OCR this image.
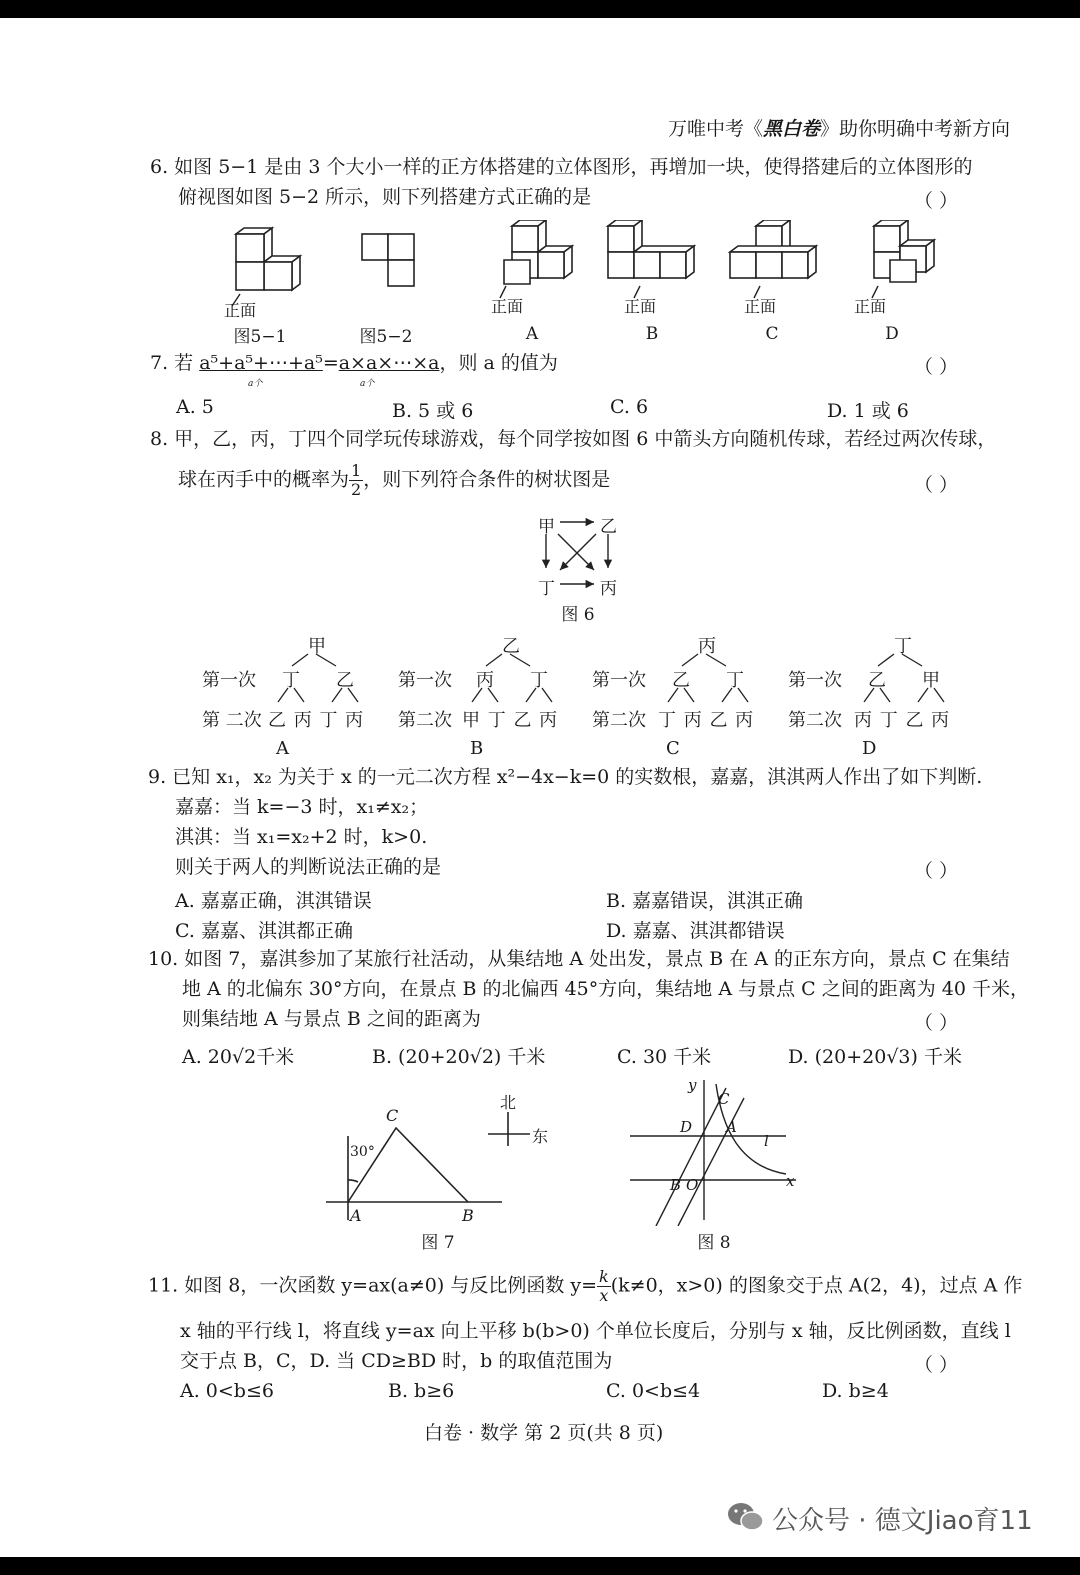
万唯中考《黑白卷》助你明确中考新方向
6. 如图 5−1 是由 3 个大小一样的正方体搭建的立体图形，再增加一块，使得搭建后的立体图形的
俯视图如图 5−2 所示，则下列搭建方式正确的是	（ ）
正面	正面	正面	正面	正面
图5−1	图5−2	A	B	C	D
7. 若 a⁵+a⁵+⋯+a⁵=a×a×⋯×a，则 a 的值为
a个	a个
（ ）
A. 5	B. 5 或 6	C. 6	D. 1 或 6
8. 甲，乙，丙，丁四个同学玩传球游戏，每个同学按如图 6 中箭头方向随机传球，若经过两次传球，
球在丙手中的概率为 $\frac{1}{2}$ ，则下列符合条件的树状图是	（ ）
甲	乙
丁	丙
图 6
第一次
第 二次
第一次
第二次
第一次
第二次
第一次
第二次
甲
丁 乙
乙 丙 丁 丙
A
乙
丙 丁
甲 丁 乙 丙
B
丙
乙 丁
丁 丙 乙 丙
C
丁
乙 甲
丙 丁 乙 丙
D
9. 已知 x₁，x₂ 为关于 x 的一元二次方程 x²−4x−k=0 的实数根，嘉嘉，淇淇两人作出了如下判断.
嘉嘉：当 k=−3 时，x₁≠x₂；
淇淇：当 x₁=x₂+2 时，k>0.
则关于两人的判断说法正确的是	（ ）
A. 嘉嘉正确，淇淇错误	B. 嘉嘉错误，淇淇正确
C. 嘉嘉、淇淇都正确	D. 嘉嘉、淇淇都错误
10. 如图 7，嘉淇参加了某旅行社活动，从集结地 A 处出发，景点 B 在 A 的正东方向，景点 C 在集结
地 A 的北偏东 30°方向，在景点 B 的北偏西 45°方向，集结地 A 与景点 C 之间的距离为 40 千米，
则集结地 A 与景点 B 之间的距离为	（ ）
A. 20√2千米	B. (20+20√2) 千米	C. 30 千米	D. (20+20√3) 千米
C
30°
A	B
图 7
北
东
y
C
D A
l
x
B O
图 8
11. 如图 8，一次函数 y=ax(a≠0) 与反比例函数 $y= \frac{k}{x} (k\ne 0$，x>0) 的图象交于点 A(2，4)，过点 A 作
x 轴的平行线 l，将直线 y=ax 向上平移 b(b>0) 个单位长度后，分别与 x 轴，反比例函数，直线 l
交于点 B，C，D. 当 CD≥BD 时，b 的取值范围为	（ ）
A. 0<b≤6	B. b≥6	C. 0<b≤4	D. b≥4
白卷 · 数学 第 2 页(共 8 页)
公众号 · 德文Jiao育11
